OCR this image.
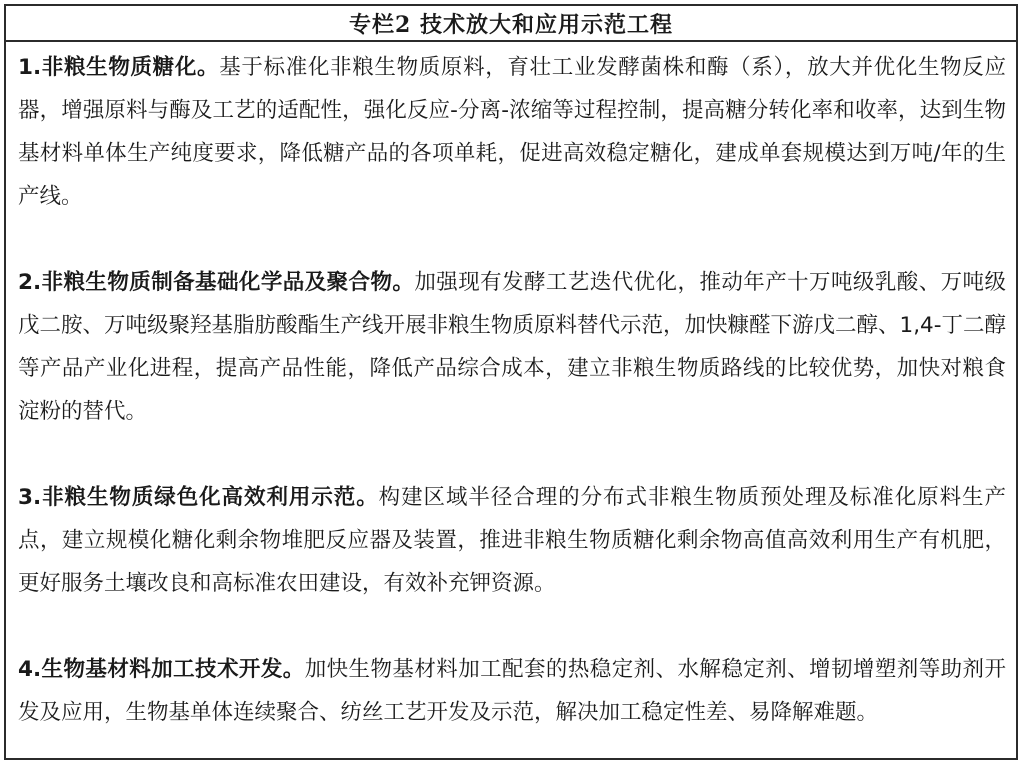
专栏2 技术放大和应用示范工程

1.非粮生物质糖化。基于标准化非粮生物质原料，育壮工业发酵菌株和酶（系），放大并优化生物反应器，增强原料与酶及工艺的适配性，强化反应-分离-浓缩等过程控制，提高糖分转化率和收率，达到生物基材料单体生产纯度要求，降低糖产品的各项单耗，促进高效稳定糖化，建成单套规模达到万吨/年的生产线。

2.非粮生物质制备基础化学品及聚合物。加强现有发酵工艺迭代优化，推动年产十万吨级乳酸、万吨级戊二胺、万吨级聚羟基脂肪酸酯生产线开展非粮生物质原料替代示范，加快糠醛下游戊二醇、1,4-丁二醇等产品产业化进程，提高产品性能，降低产品综合成本，建立非粮生物质路线的比较优势，加快对粮食淀粉的替代。

3.非粮生物质绿色化高效利用示范。构建区域半径合理的分布式非粮生物质预处理及标准化原料生产点，建立规模化糖化剩余物堆肥反应器及装置，推进非粮生物质糖化剩余物高值高效利用生产有机肥，更好服务土壤改良和高标准农田建设，有效补充钾资源。

4.生物基材料加工技术开发。加快生物基材料加工配套的热稳定剂、水解稳定剂、增韧增塑剂等助剂开发及应用，生物基单体连续聚合、纺丝工艺开发及示范，解决加工稳定性差、易降解难题。
